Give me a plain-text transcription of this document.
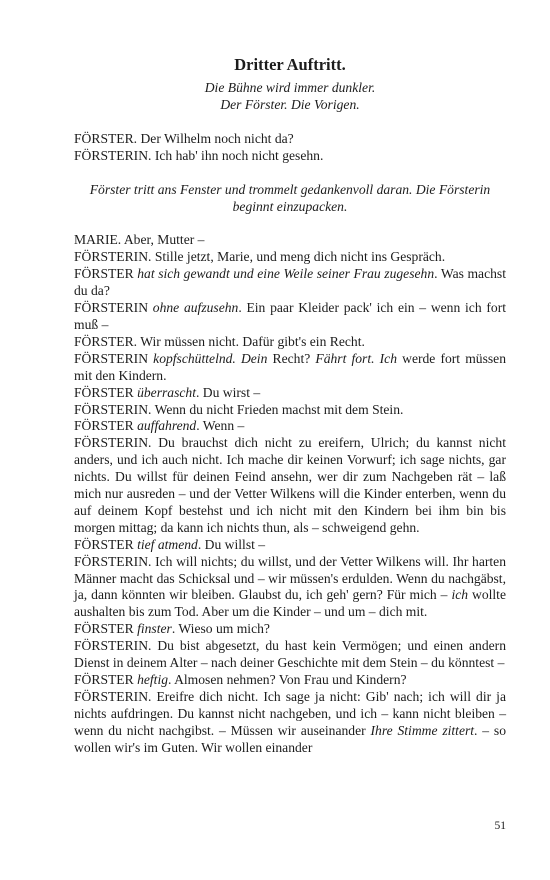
Dritter Auftritt.

Die Bühne wird immer dunkler.

Der Förster. Die Vorigen.

FÖRSTER. Der Wilhelm noch nicht da?

FÖRSTERIN. Ich hab' ihn noch nicht gesehn.

Förster tritt ans Fenster und trommelt gedankenvoll daran. Die Försterin beginnt einzupacken.

MARIE. Aber, Mutter –

FÖRSTERIN. Stille jetzt, Marie, und meng dich nicht ins Gespräch.

FÖRSTER hat sich gewandt und eine Weile seiner Frau zugesehn. Was machst du da?

FÖRSTERIN ohne aufzusehn. Ein paar Kleider pack' ich ein – wenn ich fort muß –

FÖRSTER. Wir müssen nicht. Dafür gibt's ein Recht.

FÖRSTERIN kopfschüttelnd. Dein Recht? Fährt fort. Ich werde fort müssen mit den Kindern.

FÖRSTER überrascht. Du wirst –

FÖRSTERIN. Wenn du nicht Frieden machst mit dem Stein.

FÖRSTER auffahrend. Wenn –

FÖRSTERIN. Du brauchst dich nicht zu ereifern, Ulrich; du kannst nicht anders, und ich auch nicht. Ich mache dir keinen Vorwurf; ich sage nichts, gar nichts. Du willst für deinen Feind ansehn, wer dir zum Nachgeben rät – laß mich nur ausreden – und der Vetter Wilkens will die Kinder enterben, wenn du auf deinem Kopf bestehst und ich nicht mit den Kindern bei ihm bin bis morgen mittag; da kann ich nichts thun, als – schweigend gehn.

FÖRSTER tief atmend. Du willst –

FÖRSTERIN. Ich will nichts; du willst, und der Vetter Wilkens will. Ihr harten Männer macht das Schicksal und – wir müssen's erdulden. Wenn du nachgäbst, ja, dann könnten wir bleiben. Glaubst du, ich geh' gern? Für mich – ich wollte aushalten bis zum Tod. Aber um die Kinder – und um – dich mit.

FÖRSTER finster. Wieso um mich?

FÖRSTERIN. Du bist abgesetzt, du hast kein Vermögen; und einen andern Dienst in deinem Alter – nach deiner Geschichte mit dem Stein – du könntest –

FÖRSTER heftig. Almosen nehmen? Von Frau und Kindern?

FÖRSTERIN. Ereifre dich nicht. Ich sage ja nicht: Gib' nach; ich will dir ja nichts aufdringen. Du kannst nicht nachgeben, und ich – kann nicht bleiben – wenn du nicht nachgibst. – Müssen wir auseinander Ihre Stimme zittert. – so wollen wir's im Guten. Wir wollen einander

51
